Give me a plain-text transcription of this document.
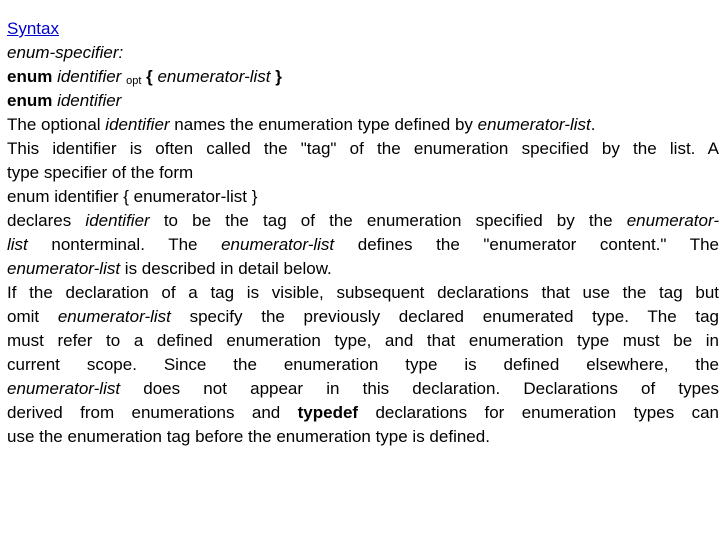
Syntax
enum-specifier:
enum identifier $_{opt}$ { enumerator-list }
enum identifier
The optional identifier names the enumeration type defined by enumerator-list.
This identifier is often called the "tag" of the enumeration specified by the list. A
type specifier of the form
enum identifier { enumerator-list }
declares identifier to be the tag of the enumeration specified by the enumerator-
list nonterminal. The enumerator-list defines the "enumerator content." The
enumerator-list is described in detail below.
If the declaration of a tag is visible, subsequent declarations that use the tag but
omit enumerator-list specify the previously declared enumerated type. The tag
must refer to a defined enumeration type, and that enumeration type must be in
current scope. Since the enumeration type is defined elsewhere, the
enumerator-list does not appear in this declaration. Declarations of types
derived from enumerations and typedef declarations for enumeration types can
use the enumeration tag before the enumeration type is defined.
